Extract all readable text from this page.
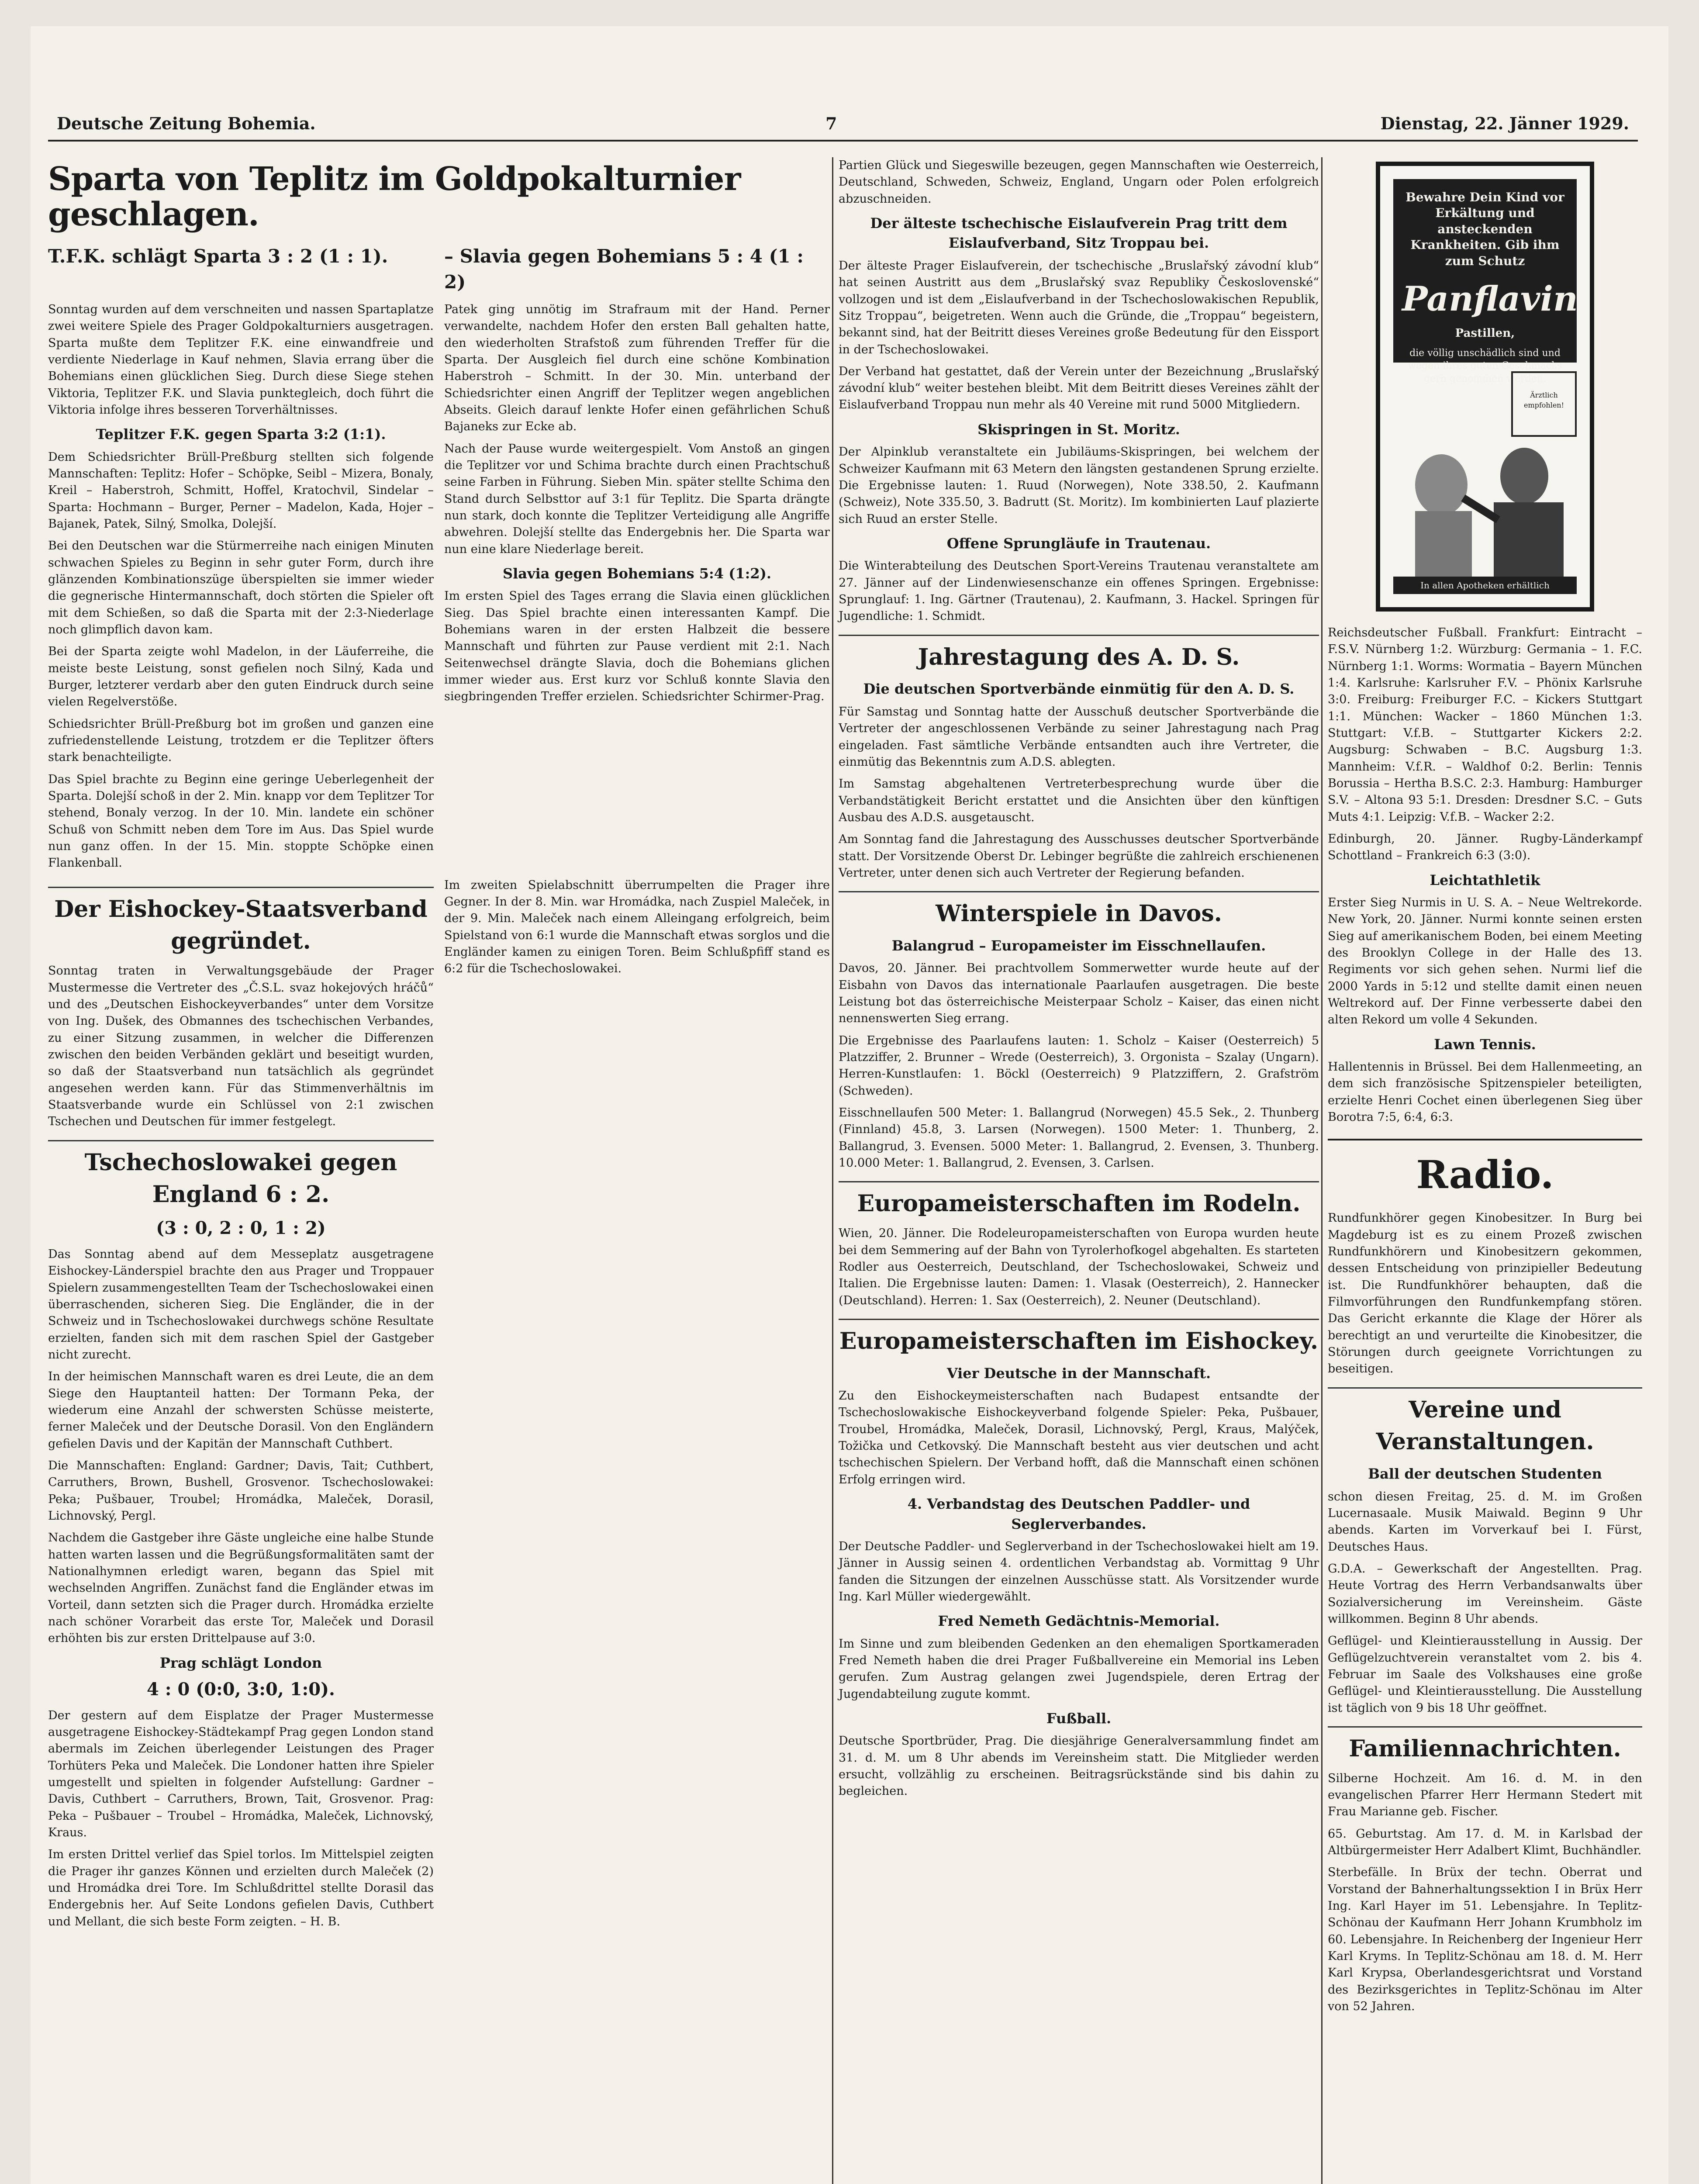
Deutsche Zeitung Bohemia.	7	Dienstag, 22. Jänner 1929.
Sparta von Teplitz im Goldpokalturnier geschlagen.
T.F.K. schlägt Sparta 3 : 2 (1 : 1).	– Slavia gegen Bohemians 5 : 4 (1 : 2)

Sonntag wurden auf dem verschneiten und nassen Spartaplatze zwei weitere Spiele des Prager Goldpokalturniers ausgetragen. Sparta mußte dem Teplitzer F.K. eine einwandfreie und verdiente Niederlage in Kauf nehmen, Slavia errang über die Bohemians einen glücklichen Sieg. Durch diese Siege stehen Viktoria, Teplitzer F.K. und Slavia punktegleich, doch führt die Viktoria infolge ihres besseren Torverhältnisses.

Teplitzer F.K. gegen Sparta 3:2 (1:1).

Dem Schiedsrichter Brüll-Preßburg stellten sich folgende Mannschaften: Teplitz: Hofer – Schöpke, Seibl – Mizera, Bonaly, Kreil – Haberstroh, Schmitt, Hoffel, Kratochvil, Sindelar – Sparta: Hochmann – Burger, Perner – Madelon, Kada, Hojer – Bajanek, Patek, Silný, Smolka, Dolejší.

Bei den Deutschen war die Stürmerreihe nach einigen Minuten schwachen Spieles zu Beginn in sehr guter Form, durch ihre glänzenden Kombinationszüge überspielten sie immer wieder die gegnerische Hintermannschaft, doch störten die Spieler oft mit dem Schießen, so daß die Sparta mit der 2:3-Niederlage noch glimpflich davon kam.

Bei der Sparta zeigte wohl Madelon, in der Läuferreihe, die meiste beste Leistung, sonst gefielen noch Silný, Kada und Burger, letzterer verdarb aber den guten Eindruck durch seine vielen Regelverstöße.

Schiedsrichter Brüll-Preßburg bot im großen und ganzen eine zufriedenstellende Leistung, trotzdem er die Teplitzer öfters stark benachteiligte.

Das Spiel brachte zu Beginn eine geringe Ueberlegenheit der Sparta. Dolejší schoß in der 2. Min. knapp vor dem Teplitzer Tor stehend, Bonaly verzog. In der 10. Min. landete ein schöner Schuß von Schmitt neben dem Tore im Aus. Das Spiel wurde nun ganz offen. In der 15. Min. stoppte Schöpke einen Flankenball.

Patek ging unnötig im Strafraum mit der Hand. Perner verwandelte, nachdem Hofer den ersten Ball gehalten hatte, den wiederholten Strafstoß zum führenden Treffer für die Sparta. Der Ausgleich fiel durch eine schöne Kombination Haberstroh – Schmitt. In der 30. Min. unterband der Schiedsrichter einen Angriff der Teplitzer wegen angeblichen Abseits. Gleich darauf lenkte Hofer einen gefährlichen Schuß Bajaneks zur Ecke ab.

Nach der Pause wurde weitergespielt. Vom Anstoß an gingen die Teplitzer vor und Schima brachte durch einen Prachtschuß seine Farben in Führung. Sieben Min. später stellte Schima den Stand durch Selbsttor auf 3:1 für Teplitz. Die Sparta drängte nun stark, doch konnte die Teplitzer Verteidigung alle Angriffe abwehren. Dolejší stellte das Endergebnis her. Die Sparta war nun eine klare Niederlage bereit.

Slavia gegen Bohemians 5:4 (1:2).

Im ersten Spiel des Tages errang die Slavia einen glücklichen Sieg. Das Spiel brachte einen interessanten Kampf. Die Bohemians waren in der ersten Halbzeit die bessere Mannschaft und führten zur Pause verdient mit 2:1. Nach Seitenwechsel drängte Slavia, doch die Bohemians glichen immer wieder aus. Erst kurz vor Schluß konnte Slavia den siegbringenden Treffer erzielen. Schiedsrichter Schirmer-Prag.

Der Eishockey-Staatsverband gegründet.

Sonntag traten in Verwaltungsgebäude der Prager Mustermesse die Vertreter des „Č.S.L. svaz hokejových hráčů“ und des „Deutschen Eishockeyverbandes“ unter dem Vorsitze von Ing. Dušek, des Obmannes des tschechischen Verbandes, zu einer Sitzung zusammen, in welcher die Differenzen zwischen den beiden Verbänden geklärt und beseitigt wurden, so daß der Staatsverband nun tatsächlich als gegründet angesehen werden kann. Für das Stimmenverhältnis im Staatsverbande wurde ein Schlüssel von 2:1 zwischen Tschechen und Deutschen für immer festgelegt.

Tschechoslowakei gegen England 6 : 2.
(3 : 0, 2 : 0, 1 : 2)

Das Sonntag abend auf dem Messeplatz ausgetragene Eishockey-Länderspiel brachte den aus Prager und Troppauer Spielern zusammengestellten Team der Tschechoslowakei einen überraschenden, sicheren Sieg. Die Engländer, die in der Schweiz und in Tschechoslowakei durchwegs schöne Resultate erzielten, fanden sich mit dem raschen Spiel der Gastgeber nicht zurecht.

In der heimischen Mannschaft waren es drei Leute, die an dem Siege den Hauptanteil hatten: Der Tormann Peka, der wiederum eine Anzahl der schwersten Schüsse meisterte, ferner Maleček und der Deutsche Dorasil. Von den Engländern gefielen Davis und der Kapitän der Mannschaft Cuthbert.

Die Mannschaften: England: Gardner; Davis, Tait; Cuthbert, Carruthers, Brown, Bushell, Grosvenor. Tschechoslowakei: Peka; Pušbauer, Troubel; Hromádka, Maleček, Dorasil, Lichnovský, Pergl.

Nachdem die Gastgeber ihre Gäste ungleiche eine halbe Stunde hatten warten lassen und die Begrüßungsformalitäten samt der Nationalhymnen erledigt waren, begann das Spiel mit wechselnden Angriffen. Zunächst fand die Engländer etwas im Vorteil, dann setzten sich die Prager durch. Hromádka erzielte nach schöner Vorarbeit das erste Tor, Maleček und Dorasil erhöhten bis zur ersten Drittelpause auf 3:0.

Prag schlägt London
4 : 0 (0:0, 3:0, 1:0).

Der gestern auf dem Eisplatze der Prager Mustermesse ausgetragene Eishockey-Städtekampf Prag gegen London stand abermals im Zeichen überlegender Leistungen des Prager Torhüters Peka und Maleček. Die Londoner hatten ihre Spieler umgestellt und spielten in folgender Aufstellung: Gardner – Davis, Cuthbert – Carruthers, Brown, Tait, Grosvenor. Prag: Peka – Pušbauer – Troubel – Hromádka, Maleček, Lichnovský, Kraus.

Im ersten Drittel verlief das Spiel torlos. Im Mittelspiel zeigten die Prager ihr ganzes Können und erzielten durch Maleček (2) und Hromádka drei Tore. Im Schlußdrittel stellte Dorasil das Endergebnis her. Auf Seite Londons gefielen Davis, Cuthbert und Mellant, die sich beste Form zeigten. – H. B.

Im zweiten Spielabschnitt überrumpelten die Prager ihre Gegner. In der 8. Min. war Hromádka, nach Zuspiel Maleček, in der 9. Min. Maleček nach einem Alleingang erfolgreich, beim Spielstand von 6:1 wurde die Mannschaft etwas sorglos und die Engländer kamen zu einigen Toren. Beim Schlußpfiff stand es 6:2 für die Tschechoslowakei.

Partien Glück und Siegeswille bezeugen, gegen Mannschaften wie Oesterreich, Deutschland, Schweden, Schweiz, England, Ungarn oder Polen erfolgreich abzuschneiden.

Der älteste tschechische Eislaufverein Prag tritt dem Eislaufverband, Sitz Troppau bei.

Der älteste Prager Eislaufverein, der tschechische „Bruslařský závodní klub“ hat seinen Austritt aus dem „Bruslařský svaz Republiky Československé“ vollzogen und ist dem „Eislaufverband in der Tschechoslowakischen Republik, Sitz Troppau“, beigetreten. Wenn auch die Gründe, die „Troppau“ begeistern, bekannt sind, hat der Beitritt dieses Vereines große Bedeutung für den Eissport in der Tschechoslowakei.

Der Verband hat gestattet, daß der Verein unter der Bezeichnung „Bruslařský závodní klub“ weiter bestehen bleibt. Mit dem Beitritt dieses Vereines zählt der Eislaufverband Troppau nun mehr als 40 Vereine mit rund 5000 Mitgliedern.

Skispringen in St. Moritz.

Der Alpinklub veranstaltete ein Jubiläums-Skispringen, bei welchem der Schweizer Kaufmann mit 63 Metern den längsten gestandenen Sprung erzielte. Die Ergebnisse lauten: 1. Ruud (Norwegen), Note 338.50, 2. Kaufmann (Schweiz), Note 335.50, 3. Badrutt (St. Moritz). Im kombinierten Lauf plazierte sich Ruud an erster Stelle.

Offene Sprungläufe in Trautenau.

Die Winterabteilung des Deutschen Sport-Vereins Trautenau veranstaltete am 27. Jänner auf der Lindenwiesenschanze ein offenes Springen. Ergebnisse: Sprunglauf: 1. Ing. Gärtner (Trautenau), 2. Kaufmann, 3. Hackel. Springen für Jugendliche: 1. Schmidt.

Jahrestagung des A. D. S.
Die deutschen Sportverbände einmütig für den A. D. S.

Für Samstag und Sonntag hatte der Ausschuß deutscher Sportverbände die Vertreter der angeschlossenen Verbände zu seiner Jahrestagung nach Prag eingeladen. Fast sämtliche Verbände entsandten auch ihre Vertreter, die einmütig das Bekenntnis zum A.D.S. ablegten.

Im Samstag abgehaltenen Vertreterbesprechung wurde über die Verbandstätigkeit Bericht erstattet und die Ansichten über den künftigen Ausbau des A.D.S. ausgetauscht.

Am Sonntag fand die Jahrestagung des Ausschusses deutscher Sportverbände statt. Der Vorsitzende Oberst Dr. Lebinger begrüßte die zahlreich erschienenen Vertreter, unter denen sich auch Vertreter der Regierung befanden.

Winterspiele in Davos.
Balangrud – Europameister im Eisschnellaufen.

Davos, 20. Jänner. Bei prachtvollem Sommerwetter wurde heute auf der Eisbahn von Davos das internationale Paarlaufen ausgetragen. Die beste Leistung bot das österreichische Meisterpaar Scholz – Kaiser, das einen nicht nennenswerten Sieg errang.

Die Ergebnisse des Paarlaufens lauten: 1. Scholz – Kaiser (Oesterreich) 5 Platzziffer, 2. Brunner – Wrede (Oesterreich), 3. Orgonista – Szalay (Ungarn). Herren-Kunstlaufen: 1. Böckl (Oesterreich) 9 Platzziffern, 2. Grafström (Schweden).

Eisschnellaufen 500 Meter: 1. Ballangrud (Norwegen) 45.5 Sek., 2. Thunberg (Finnland) 45.8, 3. Larsen (Norwegen). 1500 Meter: 1. Thunberg, 2. Ballangrud, 3. Evensen. 5000 Meter: 1. Ballangrud, 2. Evensen, 3. Thunberg. 10.000 Meter: 1. Ballangrud, 2. Evensen, 3. Carlsen.

Europameisterschaften im Rodeln.

Wien, 20. Jänner. Die Rodeleuropameisterschaften von Europa wurden heute bei dem Semmering auf der Bahn von Tyrolerhofkogel abgehalten. Es starteten Rodler aus Oesterreich, Deutschland, der Tschechoslowakei, Schweiz und Italien. Die Ergebnisse lauten: Damen: 1. Vlasak (Oesterreich), 2. Hannecker (Deutschland). Herren: 1. Sax (Oesterreich), 2. Neuner (Deutschland).

Europameisterschaften im Eishockey.
Vier Deutsche in der Mannschaft.

Zu den Eishockeymeisterschaften nach Budapest entsandte der Tschechoslowakische Eishockeyverband folgende Spieler: Peka, Pušbauer, Troubel, Hromádka, Maleček, Dorasil, Lichnovský, Pergl, Kraus, Malýček, Tožička und Cetkovský. Die Mannschaft besteht aus vier deutschen und acht tschechischen Spielern. Der Verband hofft, daß die Mannschaft einen schönen Erfolg erringen wird.

4. Verbandstag des Deutschen Paddler- und Seglerverbandes.

Der Deutsche Paddler- und Seglerverband in der Tschechoslowakei hielt am 19. Jänner in Aussig seinen 4. ordentlichen Verbandstag ab. Vormittag 9 Uhr fanden die Sitzungen der einzelnen Ausschüsse statt. Als Vorsitzender wurde Ing. Karl Müller wiedergewählt.

Fred Nemeth Gedächtnis-Memorial.

Im Sinne und zum bleibenden Gedenken an den ehemaligen Sportkameraden Fred Nemeth haben die drei Prager Fußballvereine ein Memorial ins Leben gerufen. Zum Austrag gelangen zwei Jugendspiele, deren Ertrag der Jugendabteilung zugute kommt.

Fußball.

Deutsche Sportbrüder, Prag. Die diesjährige Generalversammlung findet am 31. d. M. um 8 Uhr abends im Vereinsheim statt. Die Mitglieder werden ersucht, vollzählig zu erscheinen. Beitragsrückstände sind bis dahin zu begleichen.

Bewahre Dein Kind vor Erkältung und ansteckenden Krankheiten. Gib ihm zum Schutz
Panflavin
Pastillen,
die völlig unschädlich sind und wegen ihres guten Geschmacks gern genommen werden.
Ärztlich empfohlen!
In allen Apotheken erhältlich

Reichsdeutscher Fußball. Frankfurt: Eintracht – F.S.V. Nürnberg 1:2. Würzburg: Germania – 1. F.C. Nürnberg 1:1. Worms: Wormatia – Bayern München 1:4. Karlsruhe: Karlsruher F.V. – Phönix Karlsruhe 3:0. Freiburg: Freiburger F.C. – Kickers Stuttgart 1:1. München: Wacker – 1860 München 1:3. Stuttgart: V.f.B. – Stuttgarter Kickers 2:2. Augsburg: Schwaben – B.C. Augsburg 1:3. Mannheim: V.f.R. – Waldhof 0:2. Berlin: Tennis Borussia – Hertha B.S.C. 2:3. Hamburg: Hamburger S.V. – Altona 93 5:1. Dresden: Dresdner S.C. – Guts Muts 4:1. Leipzig: V.f.B. – Wacker 2:2.

Edinburgh, 20. Jänner. Rugby-Länderkampf Schottland – Frankreich 6:3 (3:0).

Leichtathletik

Erster Sieg Nurmis in U. S. A. – Neue Weltrekorde. New York, 20. Jänner. Nurmi konnte seinen ersten Sieg auf amerikanischem Boden, bei einem Meeting des Brooklyn College in der Halle des 13. Regiments vor sich gehen sehen. Nurmi lief die 2000 Yards in 5:12 und stellte damit einen neuen Weltrekord auf. Der Finne verbesserte dabei den alten Rekord um volle 4 Sekunden.

Lawn Tennis.

Hallentennis in Brüssel. Bei dem Hallenmeeting, an dem sich französische Spitzenspieler beteiligten, erzielte Henri Cochet einen überlegenen Sieg über Borotra 7:5, 6:4, 6:3.

Radio.

Rundfunkhörer gegen Kinobesitzer. In Burg bei Magdeburg ist es zu einem Prozeß zwischen Rundfunkhörern und Kinobesitzern gekommen, dessen Entscheidung von prinzipieller Bedeutung ist. Die Rundfunkhörer behaupten, daß die Filmvorführungen den Rundfunkempfang stören. Das Gericht erkannte die Klage der Hörer als berechtigt an und verurteilte die Kinobesitzer, die Störungen durch geeignete Vorrichtungen zu beseitigen.

Vereine und Veranstaltungen.
Ball der deutschen Studenten

schon diesen Freitag, 25. d. M. im Großen Lucernasaale. Musik Maiwald. Beginn 9 Uhr abends. Karten im Vorverkauf bei I. Fürst, Deutsches Haus.

G.D.A. – Gewerkschaft der Angestellten. Prag. Heute Vortrag des Herrn Verbandsanwalts über Sozialversicherung im Vereinsheim. Gäste willkommen. Beginn 8 Uhr abends.

Geflügel- und Kleintierausstellung in Aussig. Der Geflügelzuchtverein veranstaltet vom 2. bis 4. Februar im Saale des Volkshauses eine große Geflügel- und Kleintierausstellung. Die Ausstellung ist täglich von 9 bis 18 Uhr geöffnet.

Familiennachrichten.

Silberne Hochzeit. Am 16. d. M. in den evangelischen Pfarrer Herr Hermann Stedert mit Frau Marianne geb. Fischer.

65. Geburtstag. Am 17. d. M. in Karlsbad der Altbürgermeister Herr Adalbert Klimt, Buchhändler.

Sterbefälle. In Brüx der techn. Oberrat und Vorstand der Bahnerhaltungssektion I in Brüx Herr Ing. Karl Hayer im 51. Lebensjahre. In Teplitz-Schönau der Kaufmann Herr Johann Krumbholz im 60. Lebensjahre. In Reichenberg der Ingenieur Herr Karl Kryms. In Teplitz-Schönau am 18. d. M. Herr Karl Krypsa, Oberlandesgerichtsrat und Vorstand des Bezirksgerichtes in Teplitz-Schönau im Alter von 52 Jahren.
